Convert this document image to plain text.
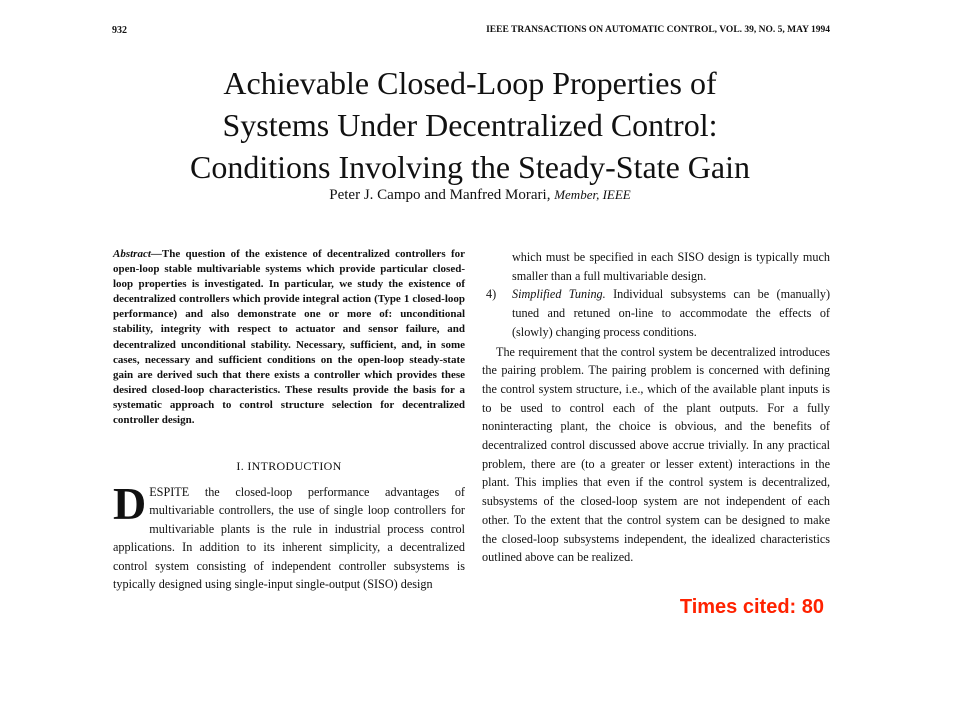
932	IEEE TRANSACTIONS ON AUTOMATIC CONTROL, VOL. 39, NO. 5, MAY 1994
Achievable Closed-Loop Properties of
Systems Under Decentralized Control:
Conditions Involving the Steady-State Gain
Peter J. Campo and Manfred Morari, Member, IEEE

Abstract—The question of the existence of decentralized controllers for open-loop stable multivariable systems which provide particular closed-loop properties is investigated. In particular, we study the existence of decentralized controllers which provide integral action (Type 1 closed-loop performance) and also demonstrate one or more of: unconditional stability, integrity with respect to actuator and sensor failure, and decentralized unconditional stability. Necessary, sufficient, and, in some cases, necessary and sufficient conditions on the open-loop steady-state gain are derived such that there exists a controller which provides these desired closed-loop characteristics. These results provide the basis for a systematic approach to control structure selection for decentralized controller design.

I. INTRODUCTION

DESPITE the closed-loop performance advantages of multivariable controllers, the use of single loop controllers for multivariable plants is the rule in industrial process control applications. In addition to its inherent simplicity, a decentralized control system consisting of independent controller subsystems is typically designed using single-input single-output (SISO) design

which must be specified in each SISO design is typically much smaller than a full multivariable design.

4)	Simplified Tuning. Individual subsystems can be (manually) tuned and retuned on-line to accommodate the effects of (slowly) changing process conditions.

The requirement that the control system be decentralized introduces the pairing problem. The pairing problem is concerned with defining the control system structure, i.e., which of the available plant inputs is to be used to control each of the plant outputs. For a fully noninteracting plant, the choice is obvious, and the benefits of decentralized control discussed above accrue trivially. In any practical problem, there are (to a greater or lesser extent) interactions in the plant. This implies that even if the control system is decentralized, subsystems of the closed-loop system are not independent of each other. To the extent that the control system can be designed to make the closed-loop subsystems independent, the idealized characteristics outlined above can be realized.

Times cited: 80
